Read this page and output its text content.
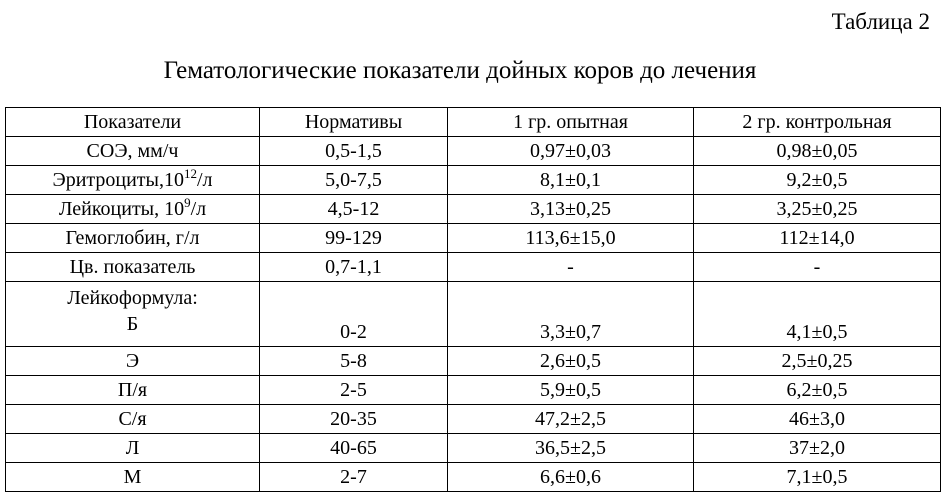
Таблица 2
Гематологические показатели дойных коров до лечения
Показатели	Нормативы	1 гр. опытная	2 гр. контрольная
СОЭ, мм/ч	0,5-1,5	0,97±0,03	0,98±0,05
$Эритроциты,10^{12}/л$	5,0-7,5	8,1±0,1	9,2±0,5
Лейкоциты, $10^9/л$	4,5-12	3,13±0,25	3,25±0,25
Гемоглобин, г/л	99-129	113,6±15,0	112±14,0
Цв. показатель	0,7-1,1	-	-

Лейкоформула:
Б	0-2	3,3±0,7	4,1±0,5
Э	5-8	2,6±0,5	2,5±0,25
П/я	2-5	5,9±0,5	6,2±0,5
С/я	20-35	47,2±2,5	46±3,0
Л	40-65	36,5±2,5	37±2,0
М	2-7	6,6±0,6	7,1±0,5
